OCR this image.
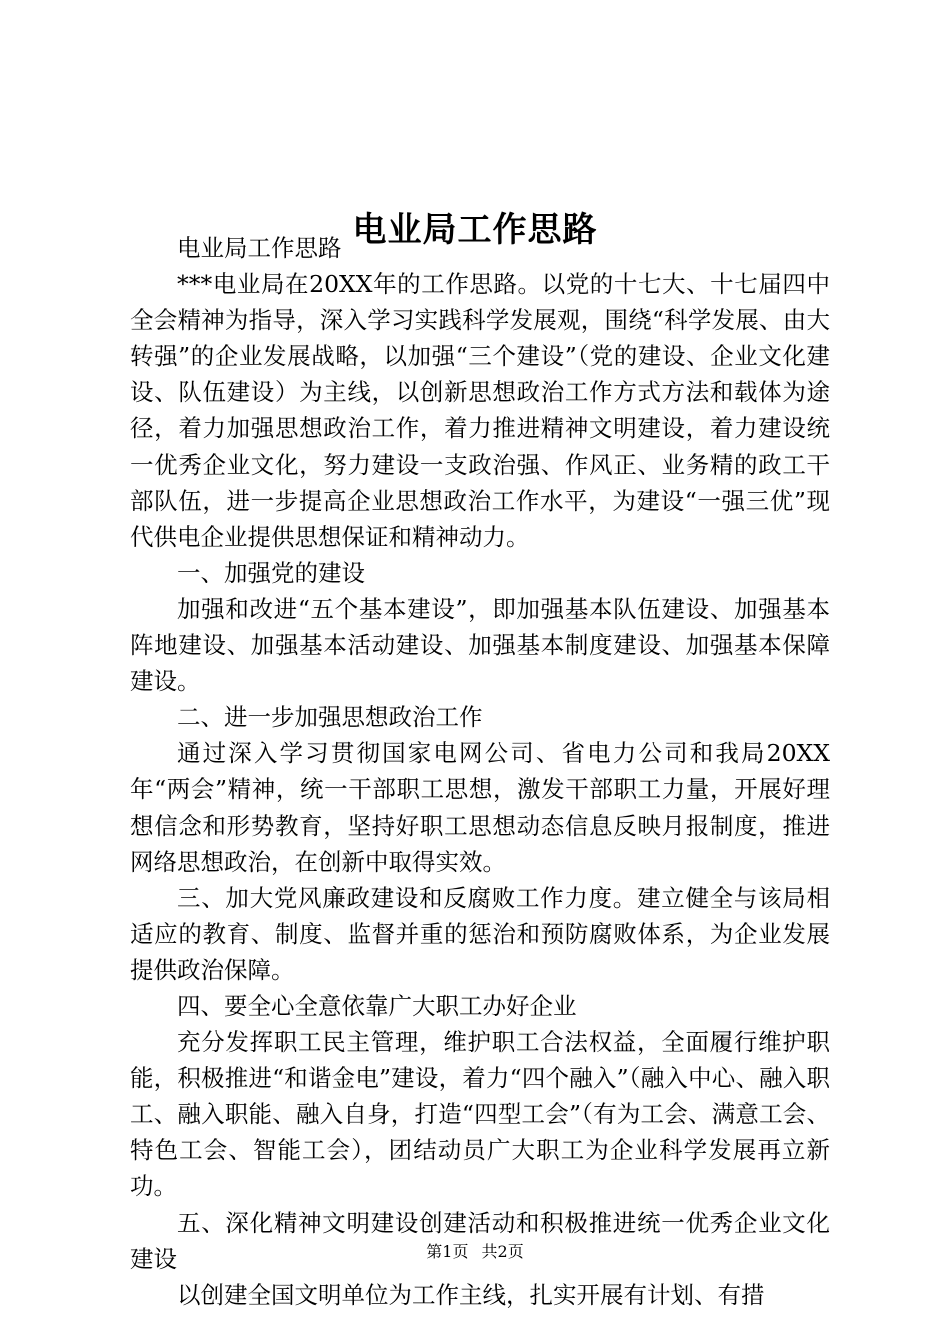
电业局工作思路

电业局工作思路

***电业局在20XX年的工作思路。以党的十七大、十七届四中全会精神为指导，深入学习实践科学发展观，围绕“科学发展、由大转强”的企业发展战略，以加强“三个建设”（党的建设、企业文化建设、队伍建设）为主线，以创新思想政治工作方式方法和载体为途径，着力加强思想政治工作，着力推进精神文明建设，着力建设统一优秀企业文化，努力建设一支政治强、作风正、业务精的政工干部队伍，进一步提高企业思想政治工作水平，为建设“一强三优”现代供电企业提供思想保证和精神动力。

一、加强党的建设

加强和改进“五个基本建设”，即加强基本队伍建设、加强基本阵地建设、加强基本活动建设、加强基本制度建设、加强基本保障建设。

二、进一步加强思想政治工作

通过深入学习贯彻国家电网公司、省电力公司和我局20XX年“两会”精神，统一干部职工思想，激发干部职工力量，开展好理想信念和形势教育，坚持好职工思想动态信息反映月报制度，推进网络思想政治，在创新中取得实效。

三、加大党风廉政建设和反腐败工作力度。建立健全与该局相适应的教育、制度、监督并重的惩治和预防腐败体系，为企业发展提供政治保障。

四、要全心全意依靠广大职工办好企业

充分发挥职工民主管理，维护职工合法权益，全面履行维护职能，积极推进“和谐金电”建设，着力“四个融入”（融入中心、融入职工、融入职能、融入自身，打造“四型工会”（有为工会、满意工会、特色工会、智能工会），团结动员广大职工为企业科学发展再立新功。

五、深化精神文明建设创建活动和积极推进统一优秀企业文化建设

以创建全国文明单位为工作主线，扎实开展有计划、有措

第1页 共2页
